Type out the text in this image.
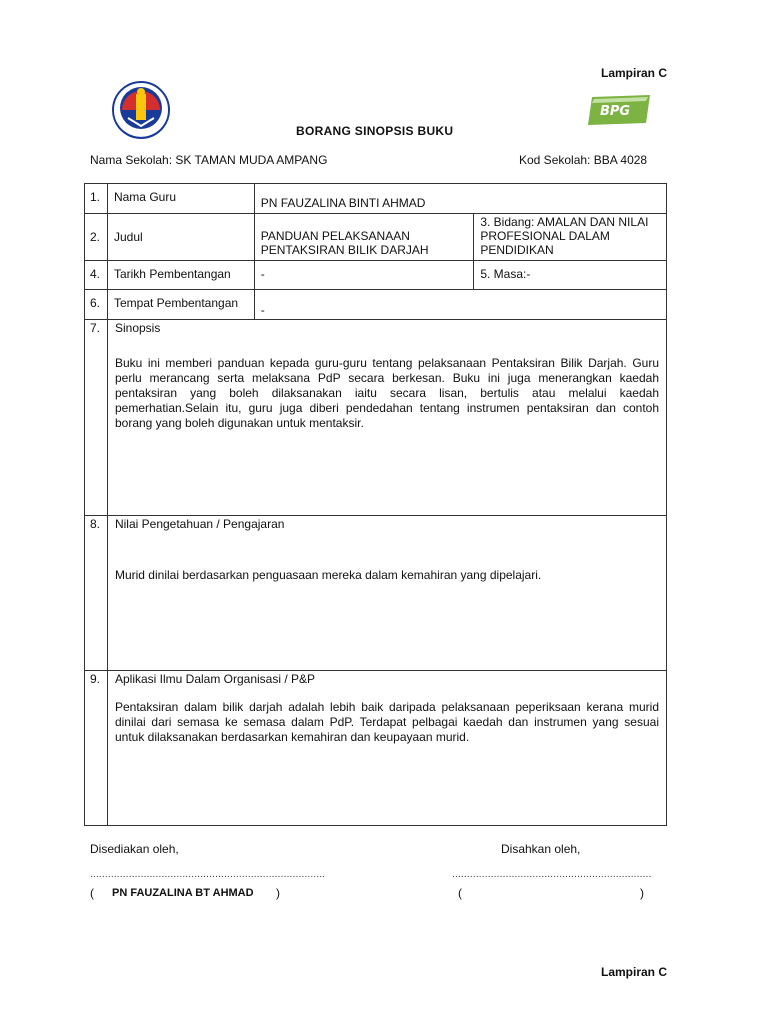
Lampiran C
BPG
BORANG SINOPSIS BUKU
Nama Sekolah: SK TAMAN MUDA AMPANG	Kod Sekolah: BBA 4028
1.	Nama Guru	PN FAUZALINA BINTI AHMAD	
2.	Judul	PANDUAN PELAKSANAAN PENTAKSIRAN BILIK DARJAH	3. Bidang: AMALAN DAN NILAI PROFESIONAL DALAM PENDIDIKAN
4.	Tarikh Pembentangan	-	5. Masa:-
6.	Tempat Pembentangan	-	
7.	Sinopsis

Buku ini memberi panduan kepada guru-guru tentang pelaksanaan Pentaksiran Bilik Darjah. Guru perlu merancang serta melaksana PdP secara berkesan. Buku ini juga menerangkan kaedah pentaksiran yang boleh dilaksanakan iaitu secara lisan, bertulis atau melalui kaedah pemerhatian.Selain itu, guru juga diberi pendedahan tentang instrumen pentaksiran dan contoh borang yang boleh digunakan untuk mentaksir.		

8.	Nilai Pengetahuan / Pengajaran

Murid dinilai berdasarkan penguasaan mereka dalam kemahiran yang dipelajari.		

9.	Aplikasi Ilmu Dalam Organisasi / P&P

Pentaksiran dalam bilik darjah adalah lebih baik daripada pelaksanaan peperiksaan kerana murid dinilai dari semasa ke semasa dalam PdP. Terdapat pelbagai kaedah dan instrumen yang sesuai untuk dilaksanakan berdasarkan kemahiran dan keupayaan murid.		

Disediakan oleh,	Disahkan oleh,
...............................................................................	...................................................................
( PN FAUZALINA BT AHMAD )	(	)
Lampiran C
